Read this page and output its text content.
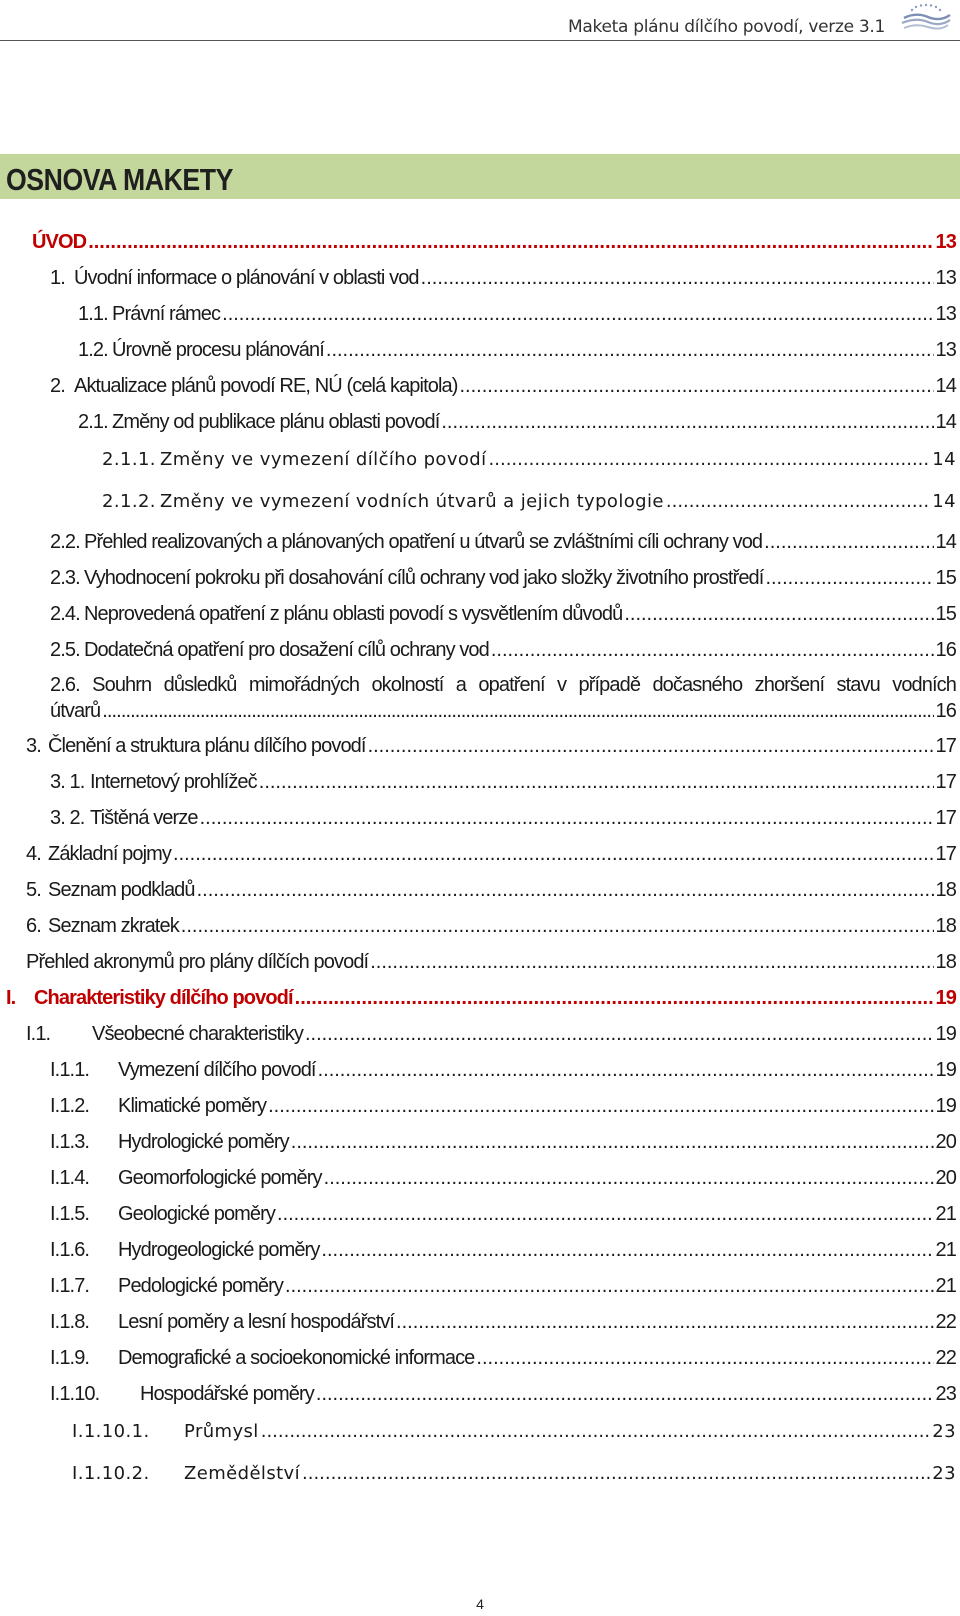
Maketa plánu dílčího povodí, verze 3.1
OSNOVA MAKETY
ÚVOD .....	13
1. Úvodní informace o plánování v oblasti vod .....	13
1.1. Právní rámec .....	13
1.2. Úrovně procesu plánování .....	13
2. Aktualizace plánů povodí RE, NÚ (celá kapitola) .....	14
2.1. Změny od publikace plánu oblasti povodí .....	14
2.1.1. Změny ve vymezení dílčího povodí .....	14
2.1.2. Změny ve vymezení vodních útvarů a jejich typologie .....	14
2.2. Přehled realizovaných a plánovaných opatření u útvarů se zvláštními cíli ochrany vod .....	14
2.3. Vyhodnocení pokroku při dosahování cílů ochrany vod jako složky životního prostředí .....	15
2.4. Neprovedená opatření z plánu oblasti povodí s vysvětlením důvodů .....	15
2.5. Dodatečná opatření pro dosažení cílů ochrany vod .....	16
2.6. Souhrn důsledků mimořádných okolností a opatření v případě dočasného zhoršení stavu vodních
útvarů .....	16
3. Členění a struktura plánu dílčího povodí .....	17
3. 1. Internetový prohlížeč .....	17
3. 2. Tištěná verze .....	17
4. Základní pojmy .....	17
5. Seznam podkladů .....	18
6. Seznam zkratek .....	18
Přehled akronymů pro plány dílčích povodí .....	18
I. Charakteristiky dílčího povodí .....	19
I.1.	Všeobecné charakteristiky .....	19
I.1.1.	Vymezení dílčího povodí .....	19
I.1.2.	Klimatické poměry .....	19
I.1.3.	Hydrologické poměry .....	20
I.1.4.	Geomorfologické poměry .....	20
I.1.5.	Geologické poměry .....	21
I.1.6.	Hydrogeologické poměry .....	21
I.1.7.	Pedologické poměry .....	21
I.1.8.	Lesní poměry a lesní hospodářství .....	22
I.1.9.	Demografické a socioekonomické informace .....	22
I.1.10.	Hospodářské poměry .....	23
I.1.10.1.	Průmysl .....	23
I.1.10.2.	Zemědělství .....	23
4
